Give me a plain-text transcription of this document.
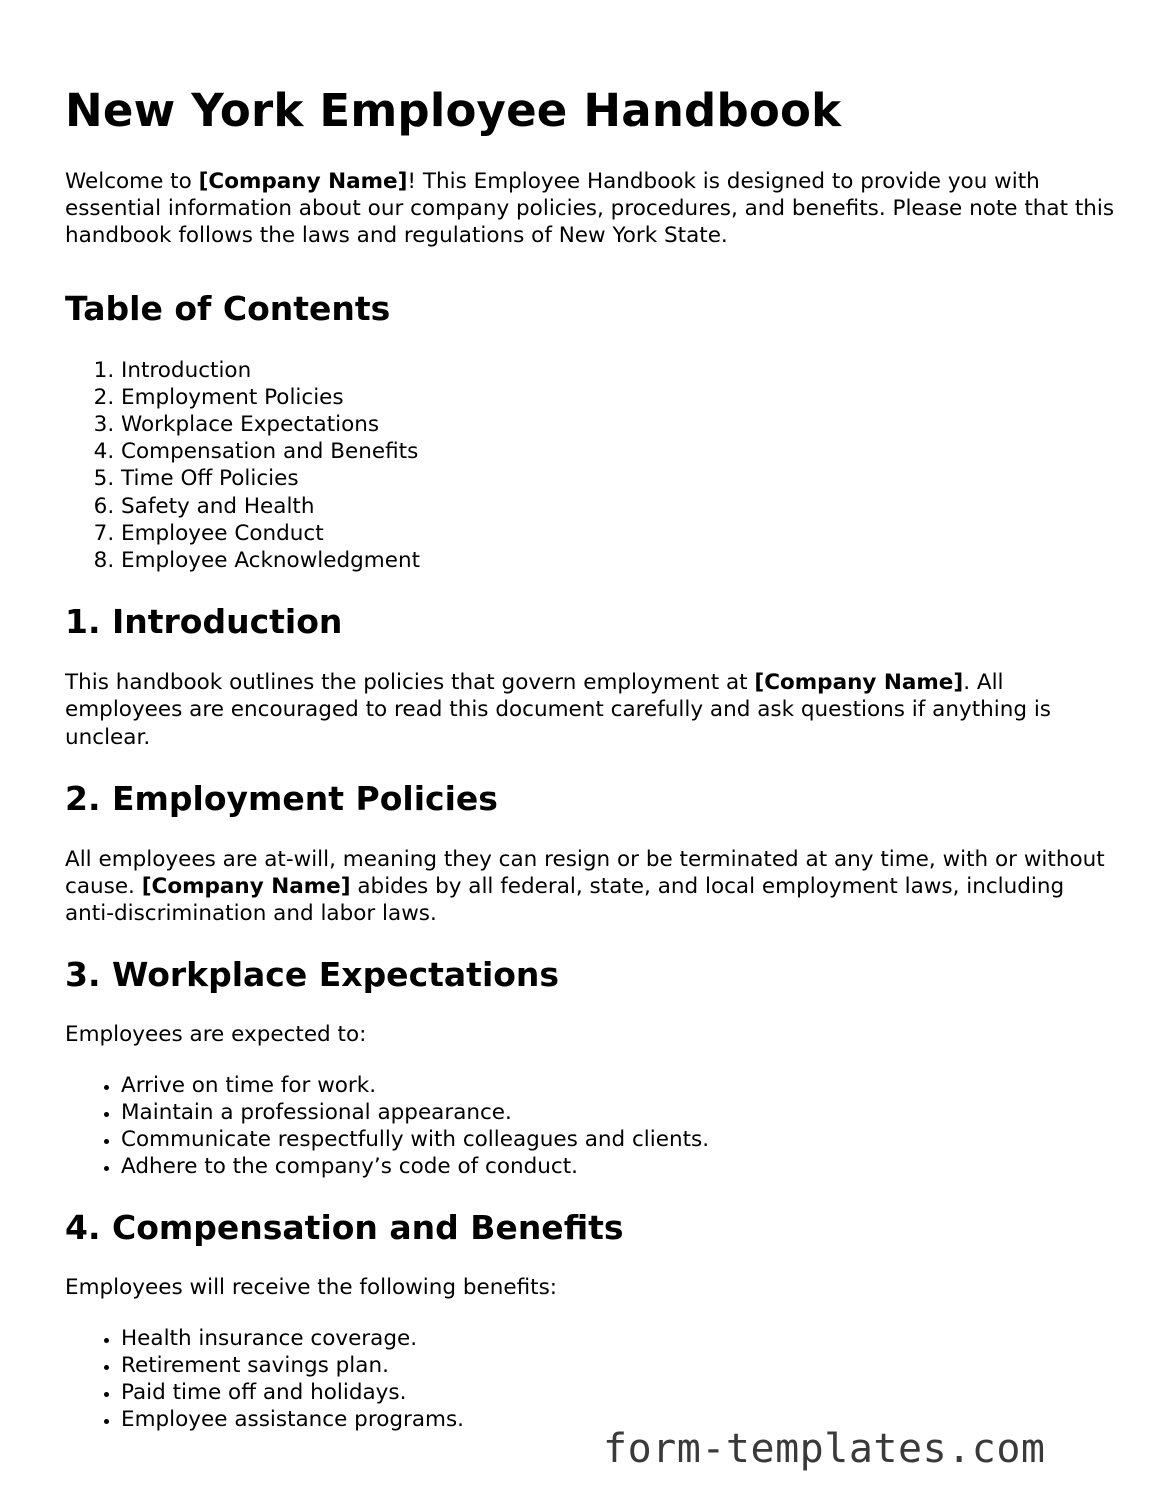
New York Employee Handbook

Welcome to [Company Name]! This Employee Handbook is designed to provide you with essential information about our company policies, procedures, and benefits. Please note that this handbook follows the laws and regulations of New York State.

Table of Contents
1. Introduction
2. Employment Policies
3. Workplace Expectations
4. Compensation and Benefits
5. Time Off Policies
6. Safety and Health
7. Employee Conduct
8. Employee Acknowledgment
1. Introduction

This handbook outlines the policies that govern employment at [Company Name]. All employees are encouraged to read this document carefully and ask questions if anything is unclear.

2. Employment Policies

All employees are at-will, meaning they can resign or be terminated at any time, with or without cause. [Company Name] abides by all federal, state, and local employment laws, including anti-discrimination and labor laws.

3. Workplace Expectations

Employees are expected to:

• Arrive on time for work.
• Maintain a professional appearance.
• Communicate respectfully with colleagues and clients.
• Adhere to the company’s code of conduct.
4. Compensation and Benefits

Employees will receive the following benefits:

• Health insurance coverage.
• Retirement savings plan.
• Paid time off and holidays.
• Employee assistance programs.
form-templates.com
